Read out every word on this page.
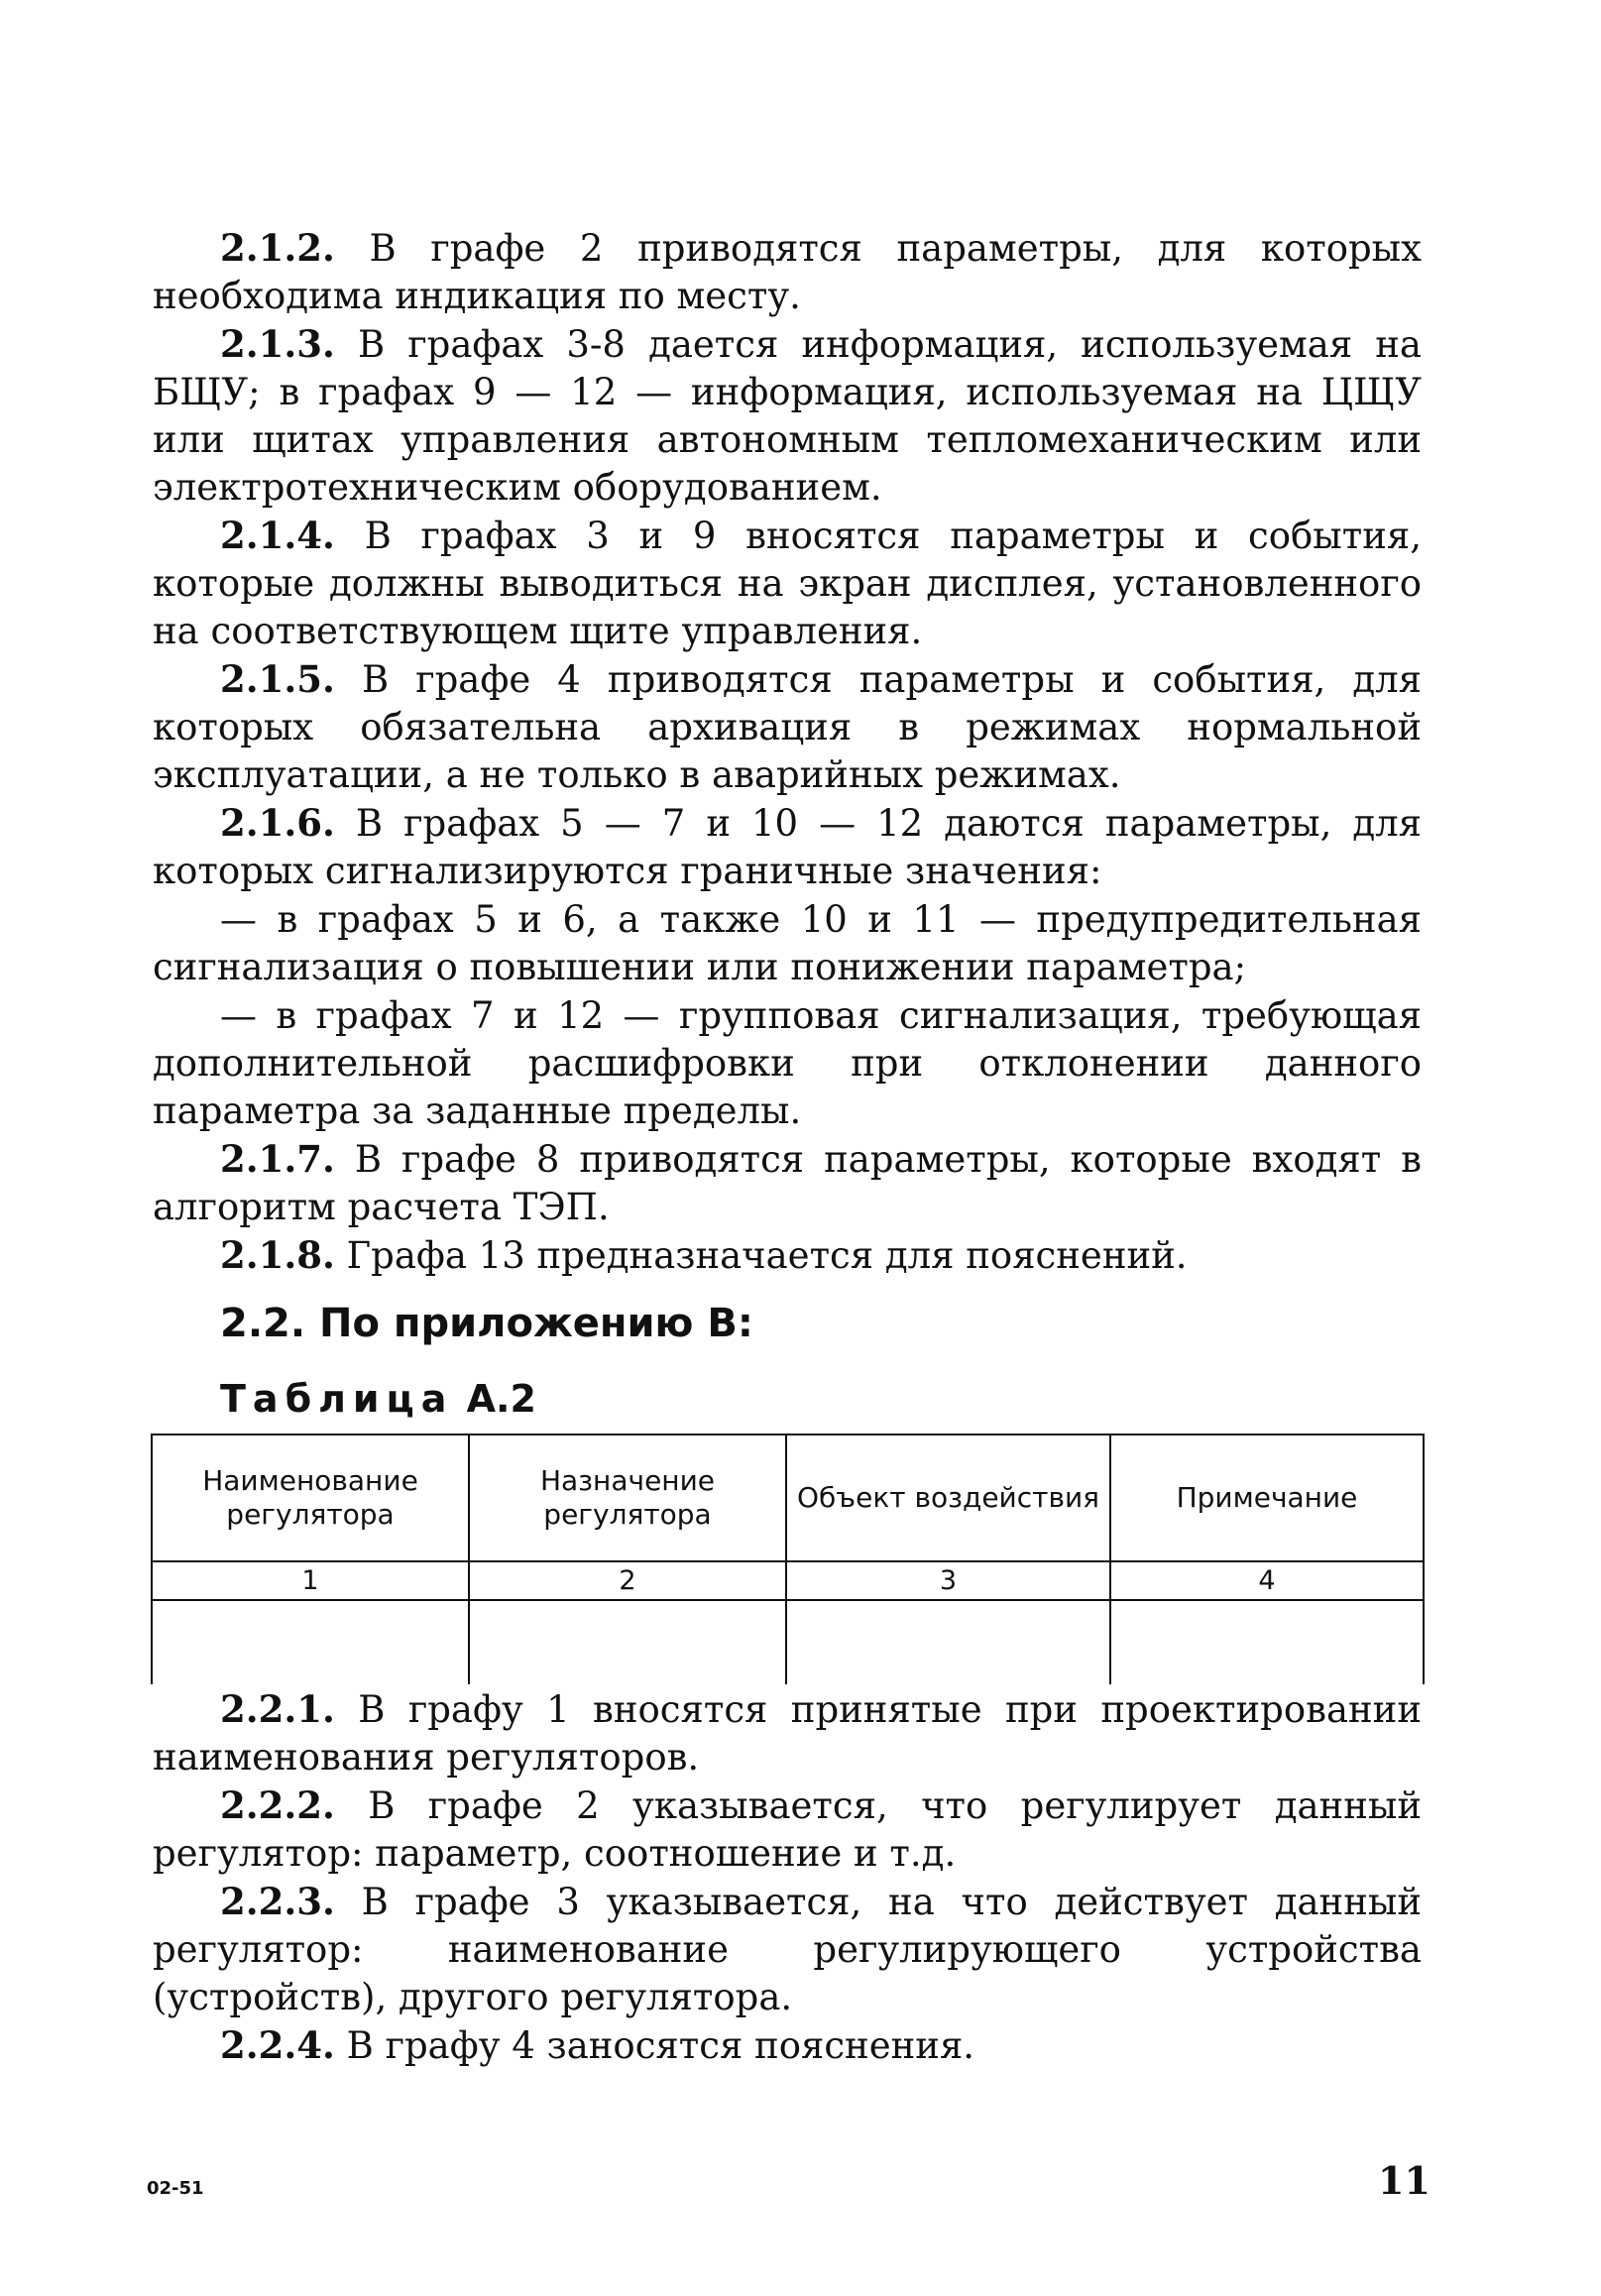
2.1.2. В графе 2 приводятся параметры, для которых необходима индикация по месту.

2.1.3. В графах 3-8 дается информация, используемая на БЩУ; в графах 9 — 12 — информация, используемая на ЦЩУ или щитах управления автономным тепломеханическим или электротехническим оборудованием.

2.1.4. В графах 3 и 9 вносятся параметры и события, которые должны выводиться на экран дисплея, установленного на соответствующем щите управления.

2.1.5. В графе 4 приводятся параметры и события, для которых обязательна архивация в режимах нормальной эксплуатации, а не только в аварийных режимах.

2.1.6. В графах 5 — 7 и 10 — 12 даются параметры, для которых сигнализируются граничные значения:

— в графах 5 и 6, а также 10 и 11 — предупредительная сигнализация о повышении или понижении параметра;

— в графах 7 и 12 — групповая сигнализация, требующая дополнительной расшифровки при отклонении данного параметра за заданные пределы.

2.1.7. В графе 8 приводятся параметры, которые входят в алгоритм расчета ТЭП.

2.1.8. Графа 13 предназначается для пояснений.

2.2. По приложению В:

Таблица А.2

Наименование регулятора	Назначение регулятора	Объект воздействия	Примечание
1	2	3	4

2.2.1. В графу 1 вносятся принятые при проектировании наименования регуляторов.

2.2.2. В графе 2 указывается, что регулирует данный регулятор: параметр, соотношение и т.д.

2.2.3. В графе 3 указывается, на что действует данный регулятор: наименование регулирующего устройства (устройств), другого регулятора.

2.2.4. В графу 4 заносятся пояснения.

02-51	11
